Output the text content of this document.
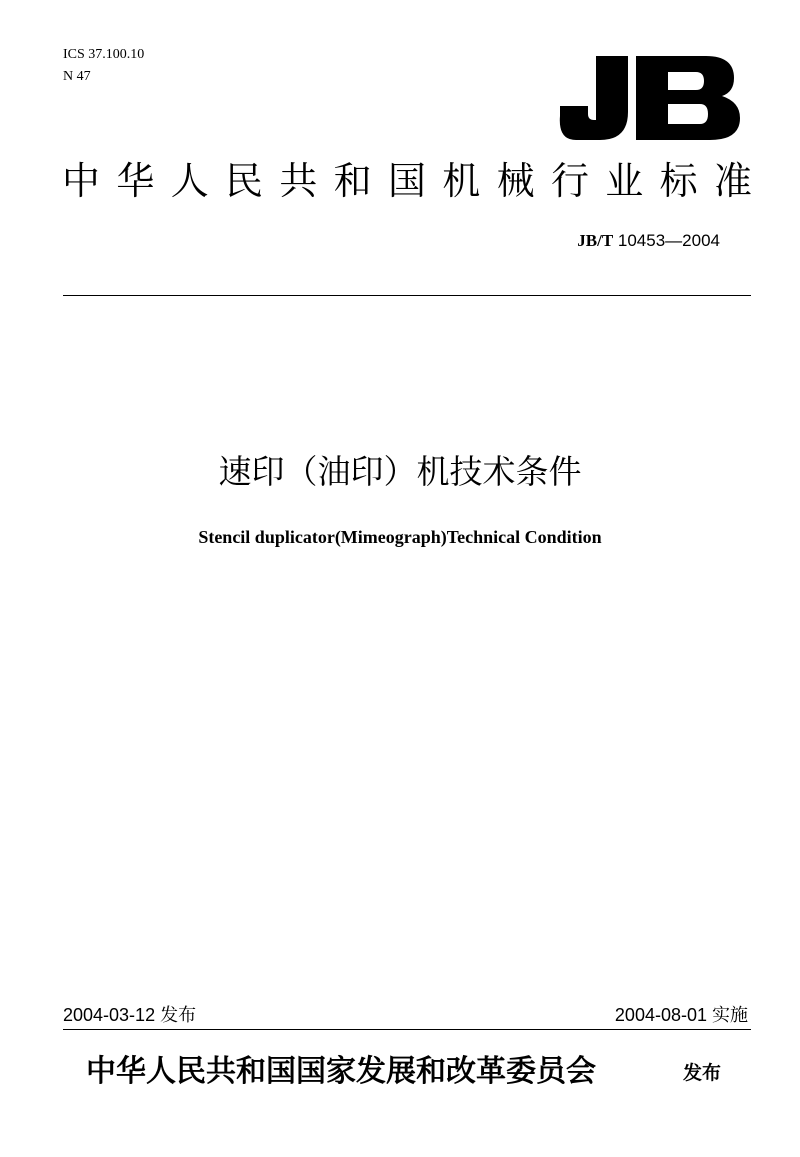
ICS 37.100.10
N 47
JB
中 华 人 民 共 和 国 机 械 行 业 标 准
JB/T 10453—2004
速印（油印）机技术条件
Stencil duplicator(Mimeograph)Technical Condition
2004-03-12 发布	2004-08-01 实施
中华人民共和国国家发展和改革委员会	发布
